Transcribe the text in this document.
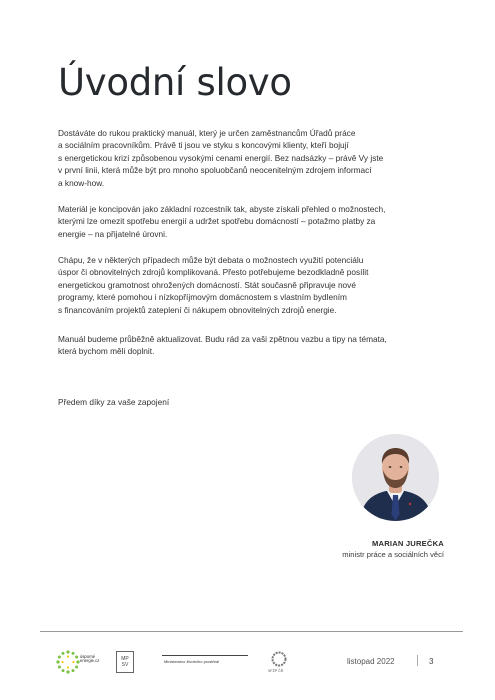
Úvodní slovo
Dostáváte do rukou praktický manuál, který je určen zaměstnancům Úřadů práce
a sociálním pracovníkům. Právě ti jsou ve styku s koncovými klienty, kteří bojují
s energetickou krizí způsobenou vysokými cenami energií. Bez nadsázky – právě Vy jste
v první linii, která může být pro mnoho spoluobčanů neocenitelným zdrojem informací
a know-how.
Materiál je koncipován jako základní rozcestník tak, abyste získali přehled o možnostech,
kterými lze omezit spotřebu energií a udržet spotřebu domácností – potažmo platby za
energie – na přijatelné úrovni.
Chápu, že v některých případech může být debata o možnostech využití potenciálu
úspor či obnovitelných zdrojů komplikovaná. Přesto potřebujeme bezodkladně posílit
energetickou gramotnost ohrožených domácností. Stát současně připravuje nové
programy, které pomohou i nízkopříjmovým domácnostem s vlastním bydlením
s financováním projektů zateplení či nákupem obnovitelných zdrojů energie.
Manuál budeme průběžně aktualizovat. Budu rád za vaši zpětnou vazbu a tipy na témata,
která bychom měli doplnit.
Předem díky za vaše zapojení
MARIAN JUREČKA
ministr práce a sociálních věcí
úsporné
energie.cz	MP SV	Ministerstvo životního prostředí
SFŽP ČR
listopad 2022	3
